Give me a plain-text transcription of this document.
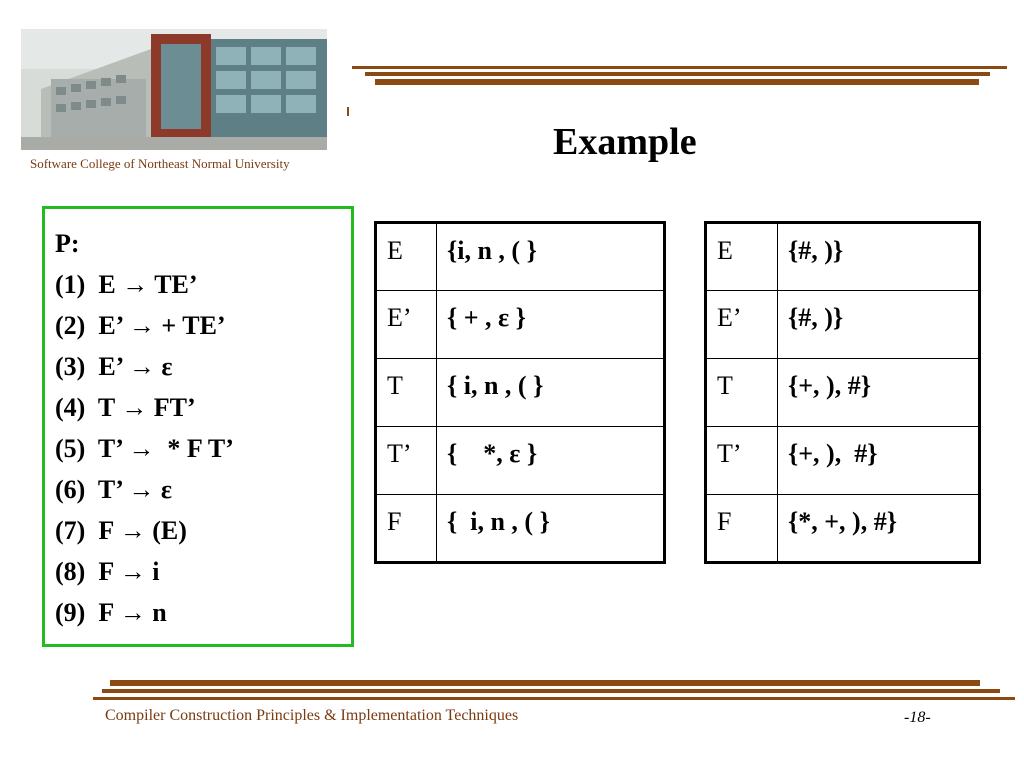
Software College of Northeast Normal University
Example
P:
(1)  E → TE’
(2)  E’ → + TE’
(3)  E’ → ε
(4)  T → FT’
(5)  T’ →  * F T’
(6)  T’ → ε
(7)  F → (E)
(8)  F → i
(9)  F → n
E	{i, n , ( }
E’	{ + , ε }
T	{ i, n , ( }
T’	{    *, ε }
F	{  i, n , ( }
E	{#, )}
E’	{#, )}
T	{+, ), #}
T’	{+, ),  #}
F	{*, +, ), #}
Compiler Construction Principles & Implementation Techniques	-18-
